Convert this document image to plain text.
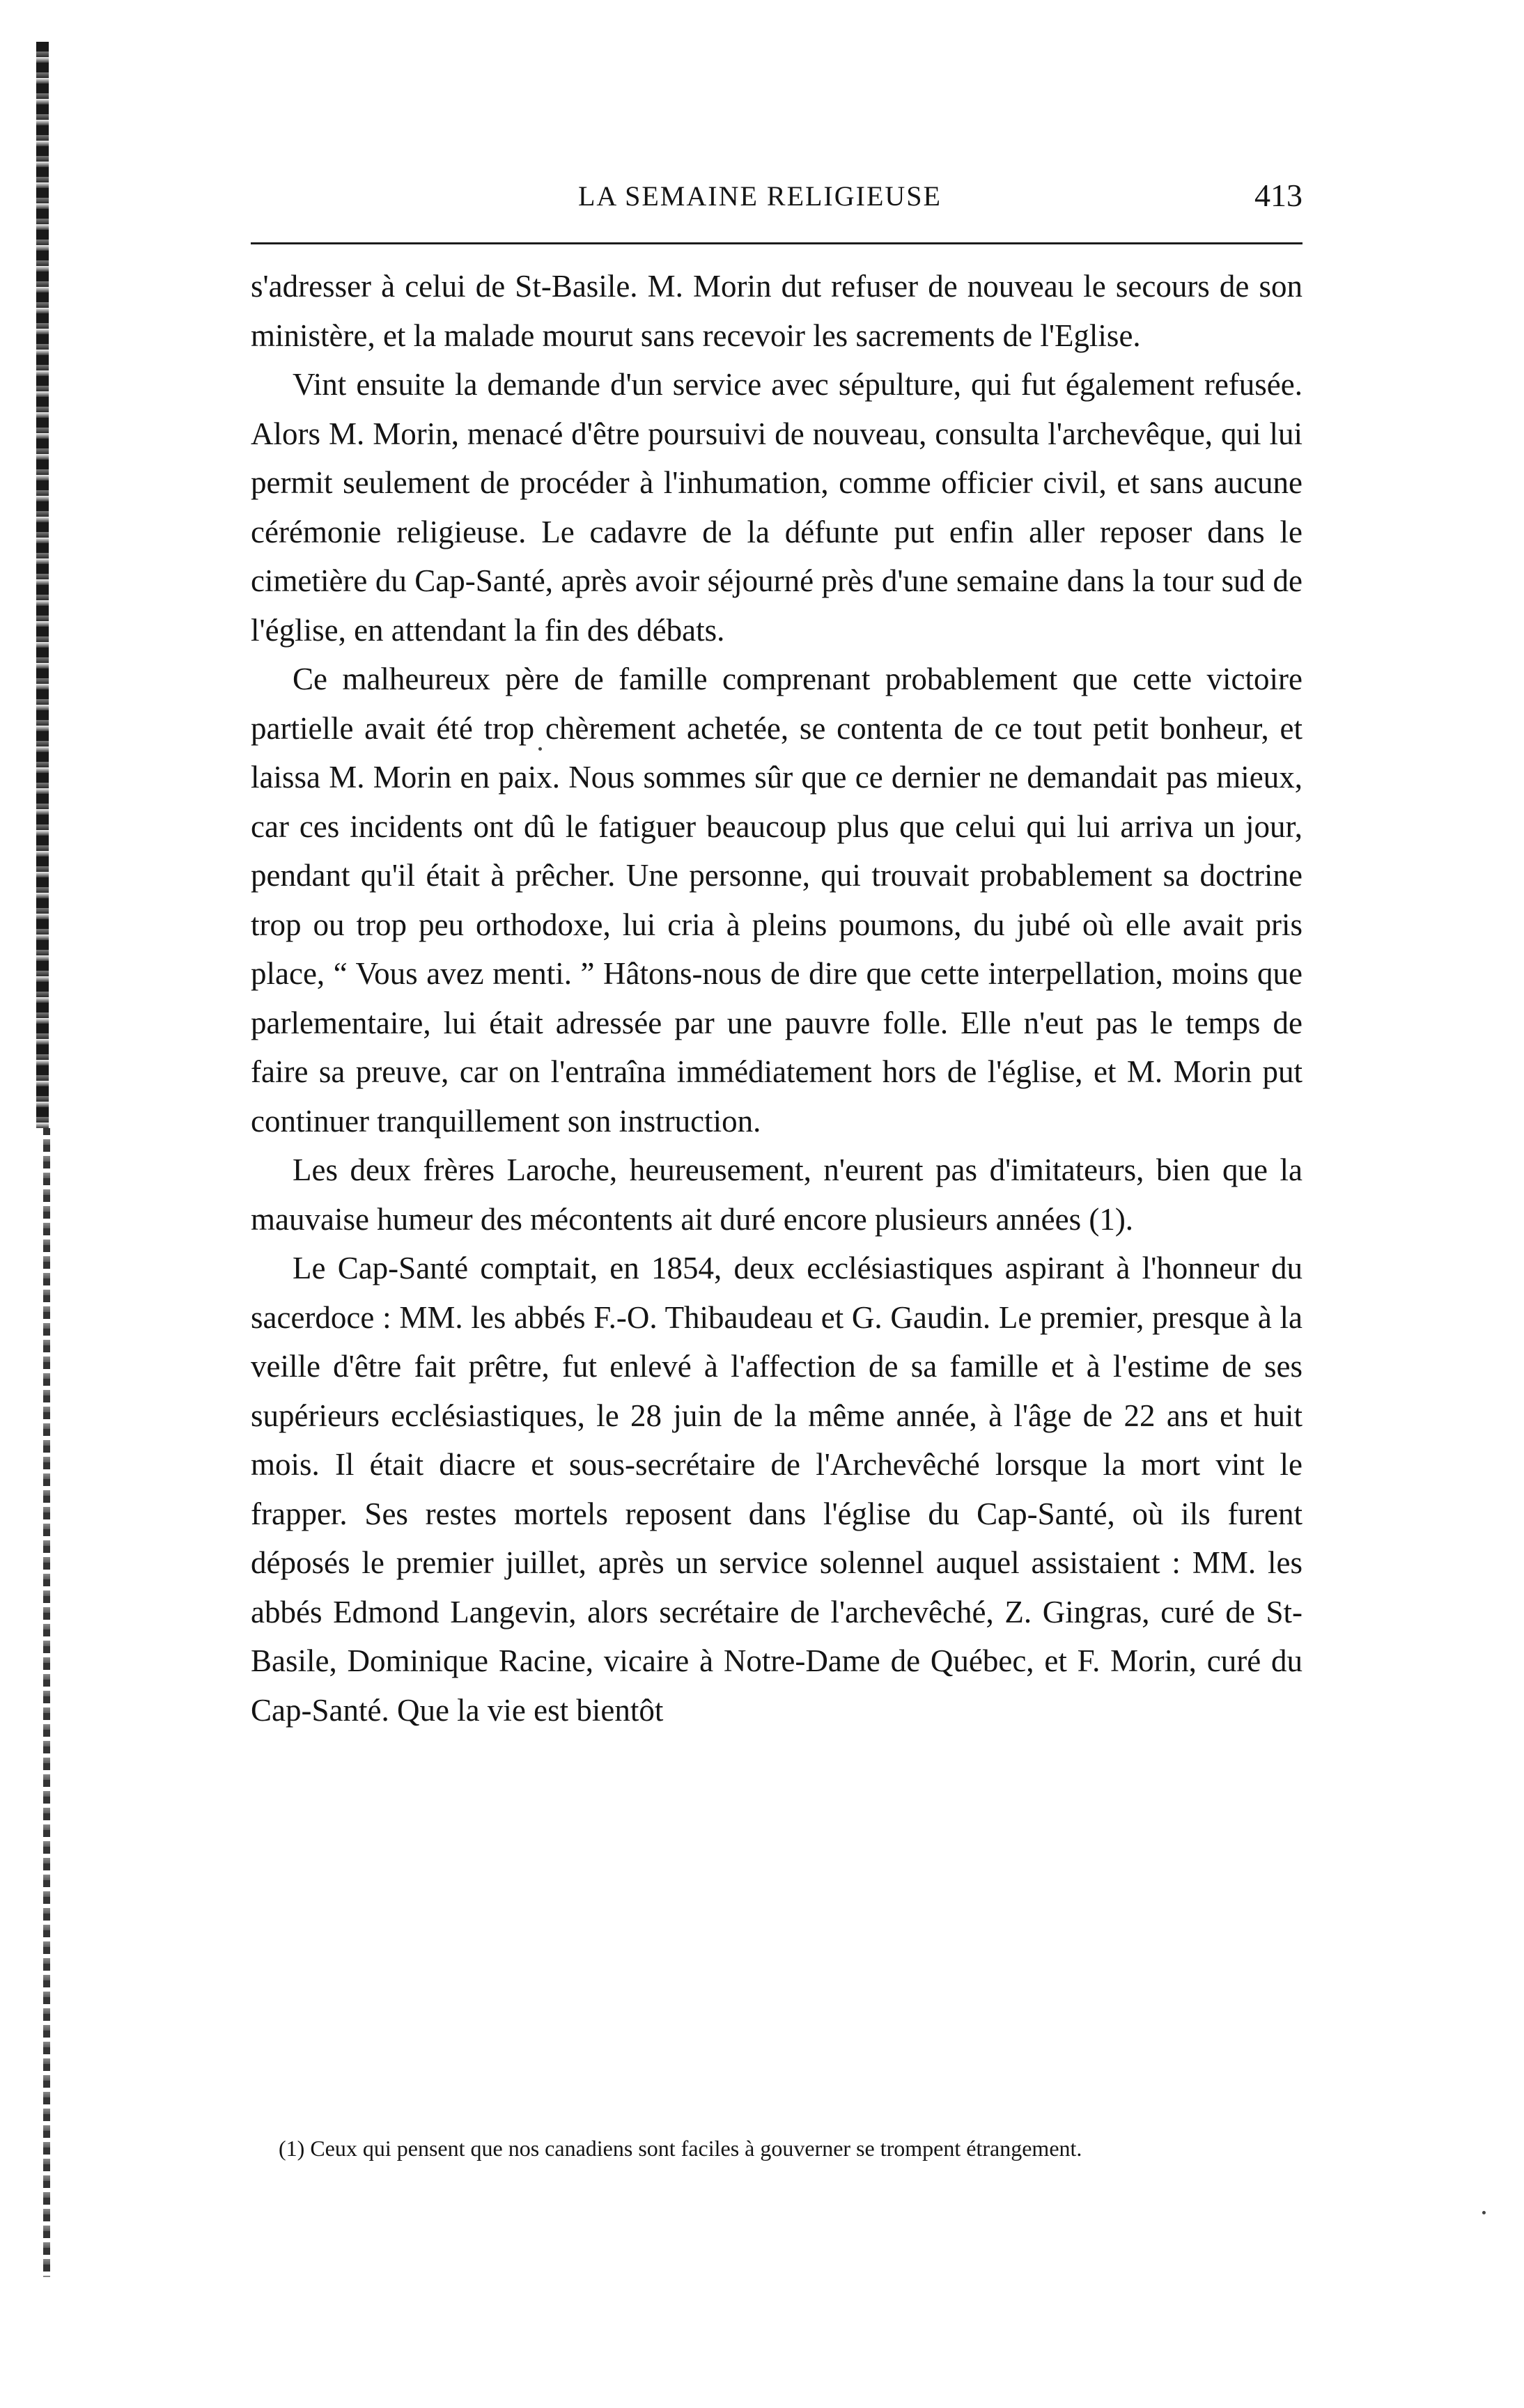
LA SEMAINE RELIGIEUSE	413

s'adresser à celui de St-Basile. M. Morin dut refuser de nouveau le secours de son ministère, et la malade mourut sans recevoir les sacrements de l'Eglise.

Vint ensuite la demande d'un service avec sépulture, qui fut également refusée. Alors M. Morin, menacé d'être poursuivi de nouveau, consulta l'archevêque, qui lui permit seulement de procéder à l'inhumation, comme officier civil, et sans aucune cérémonie religieuse. Le cadavre de la défunte put enfin aller reposer dans le cimetière du Cap-Santé, après avoir séjourné près d'une semaine dans la tour sud de l'église, en attendant la fin des débats.

Ce malheureux père de famille comprenant probablement que cette victoire partielle avait été trop chèrement achetée, se contenta de ce tout petit bonheur, et laissa M. Morin en paix. Nous sommes sûr que ce dernier ne demandait pas mieux, car ces incidents ont dû le fatiguer beaucoup plus que celui qui lui arriva un jour, pendant qu'il était à prêcher. Une personne, qui trouvait probablement sa doctrine trop ou trop peu orthodoxe, lui cria à pleins poumons, du jubé où elle avait pris place, “ Vous avez menti. ” Hâtons-nous de dire que cette interpellation, moins que parlementaire, lui était adressée par une pauvre folle. Elle n'eut pas le temps de faire sa preuve, car on l'entraîna immédiatement hors de l'église, et M. Morin put continuer tranquillement son instruction.

Les deux frères Laroche, heureusement, n'eurent pas d'imitateurs, bien que la mauvaise humeur des mécontents ait duré encore plusieurs années (1).

Le Cap-Santé comptait, en 1854, deux ecclésiastiques aspirant à l'honneur du sacerdoce : MM. les abbés F.-O. Thibaudeau et G. Gaudin. Le premier, presque à la veille d'être fait prêtre, fut enlevé à l'affection de sa famille et à l'estime de ses supérieurs ecclésiastiques, le 28 juin de la même année, à l'âge de 22 ans et huit mois. Il était diacre et sous-secrétaire de l'Archevêché lorsque la mort vint le frapper. Ses restes mortels reposent dans l'église du Cap-Santé, où ils furent déposés le premier juillet, après un service solennel auquel assistaient : MM. les abbés Edmond Langevin, alors secrétaire de l'archevêché, Z. Gingras, curé de St-Basile, Dominique Racine, vicaire à Notre-Dame de Québec, et F. Morin, curé du Cap-Santé. Que la vie est bientôt

(1) Ceux qui pensent que nos canadiens sont faciles à gouverner se trompent étrangement.
